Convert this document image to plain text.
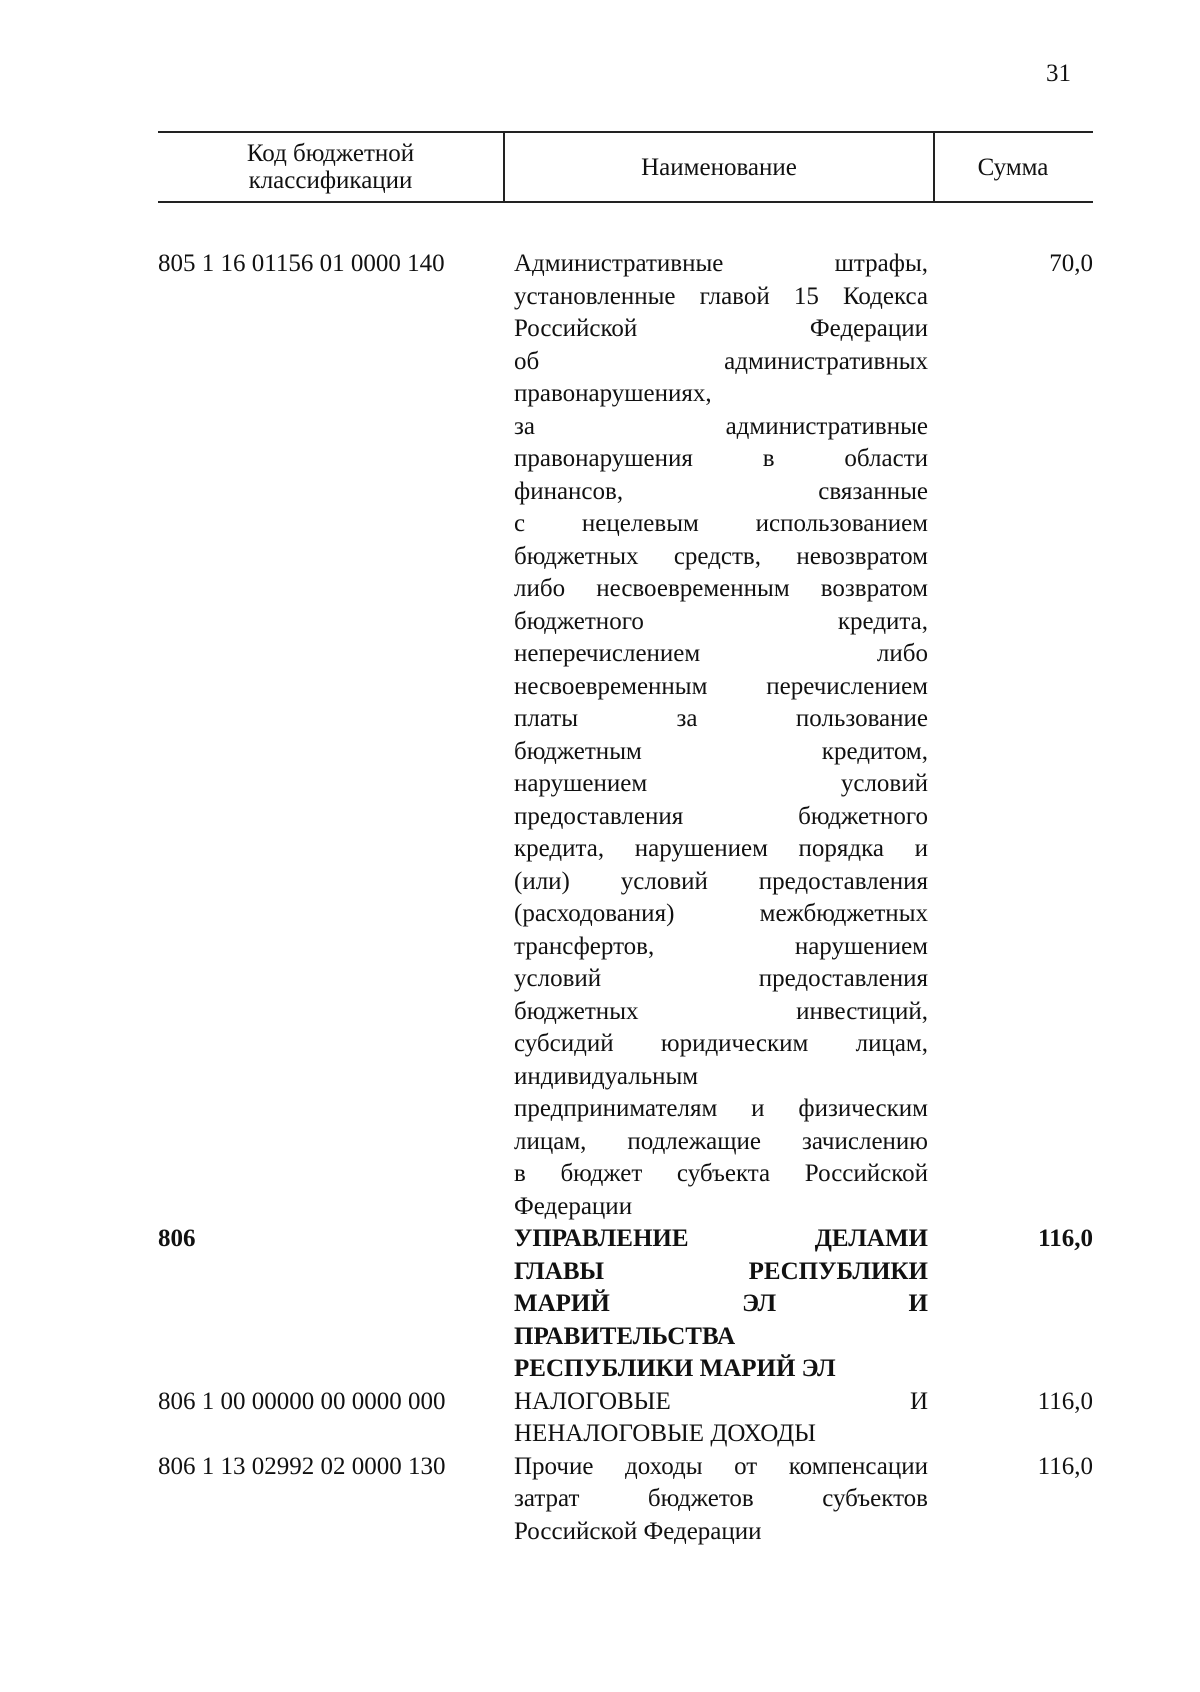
31
Код бюджетной
классификации	Наименование	Сумма
805 1 16 01156 01 0000 140	Административные штрафы,
установленные главой 15 Кодекса
Российской Федерации
об административных
правонарушениях,
за административные
правонарушения в области
финансов, связанные
с нецелевым использованием
бюджетных средств, невозвратом
либо несвоевременным возвратом
бюджетного кредита,
неперечислением либо
несвоевременным перечислением
платы за пользование
бюджетным кредитом,
нарушением условий
предоставления бюджетного
кредита, нарушением порядка и
(или) условий предоставления
(расходования) межбюджетных
трансфертов, нарушением
условий предоставления
бюджетных инвестиций,
субсидий юридическим лицам,
индивидуальным
предпринимателям и физическим
лицам, подлежащие зачислению
в бюджет субъекта Российской
Федерации
70,0
806	УПРАВЛЕНИЕ ДЕЛАМИ
ГЛАВЫ РЕСПУБЛИКИ
МАРИЙ ЭЛ И
ПРАВИТЕЛЬСТВА
РЕСПУБЛИКИ МАРИЙ ЭЛ
116,0
806 1 00 00000 00 0000 000	НАЛОГОВЫЕ И
НЕНАЛОГОВЫЕ ДОХОДЫ
116,0
806 1 13 02992 02 0000 130	Прочие доходы от компенсации
затрат бюджетов субъектов
Российской Федерации
116,0
